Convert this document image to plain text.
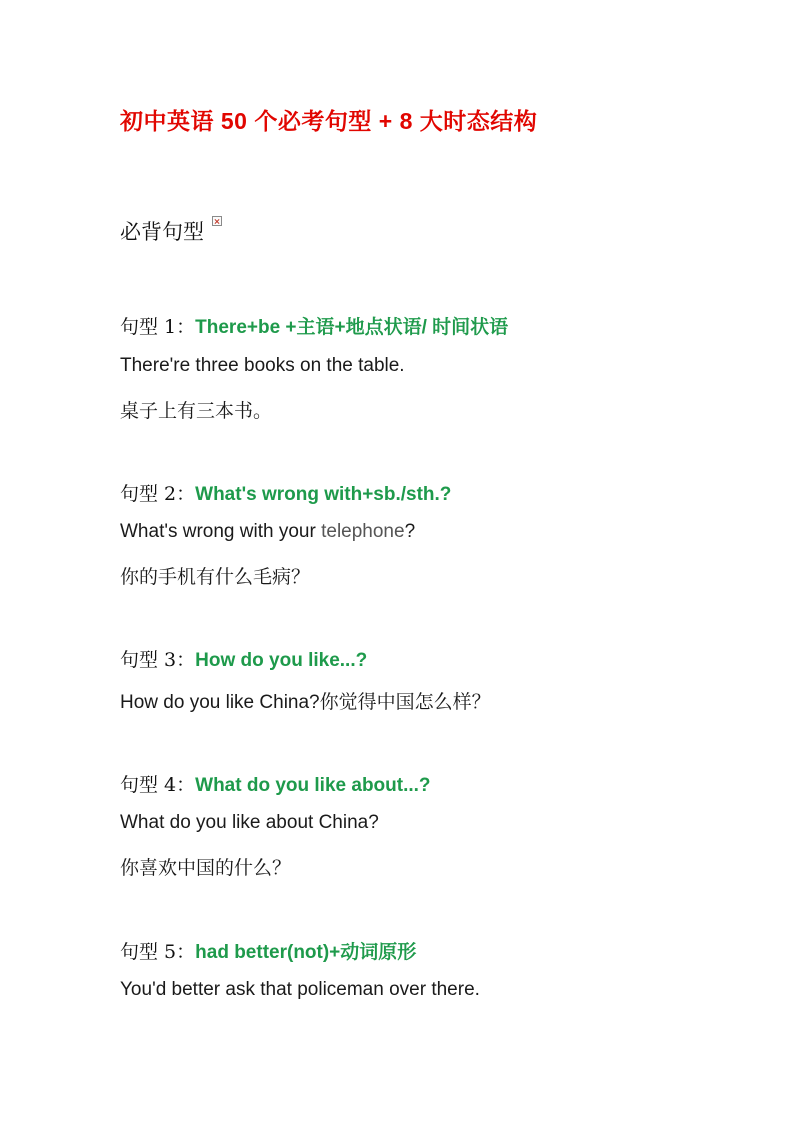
初中英语 50 个必考句型 + 8 大时态结构
必背句型
句型 1： There+be +主语+地点状语/ 时间状语
There're three books on the table.
桌子上有三本书。
句型 2： What's wrong with+sb./sth.?
What's wrong with your telephone?
你的手机有什么毛病？
句型 3： How do you like...?
How do you like China?你觉得中国怎么样？
句型 4： What do you like about...?
What do you like about China?
你喜欢中国的什么？
句型 5： had better(not)+动词原形
You'd better ask that policeman over there.
